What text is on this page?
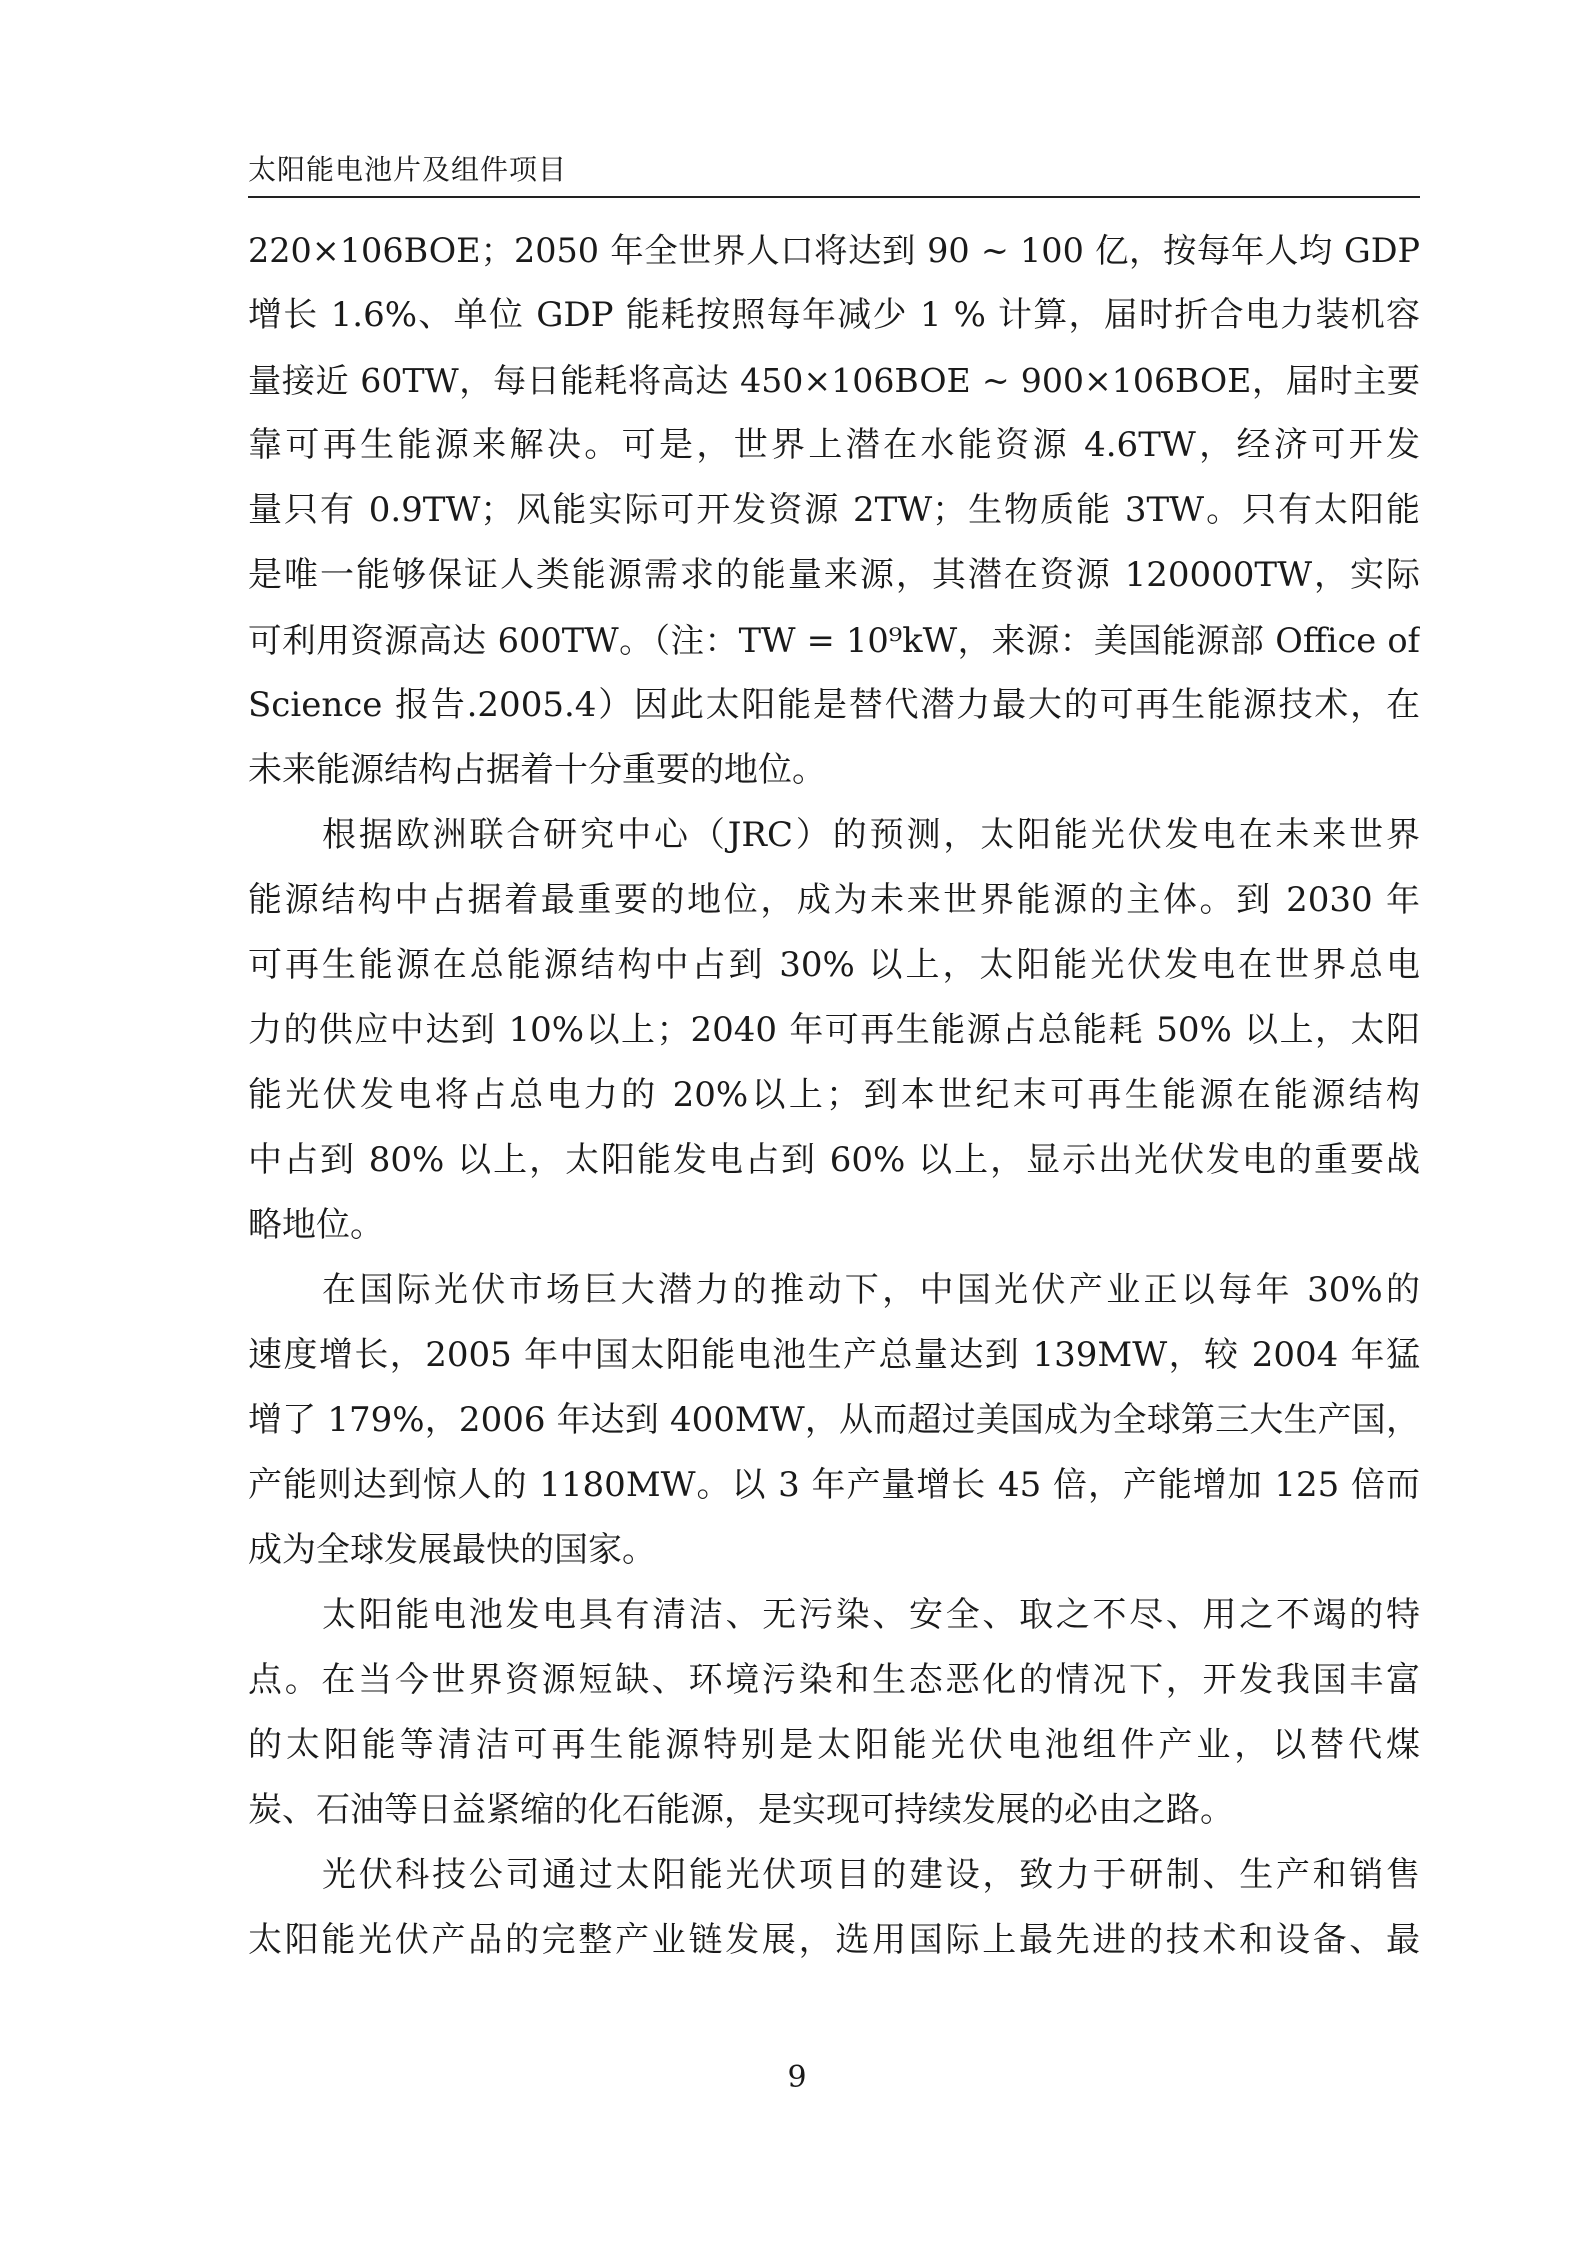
太阳能电池片及组件项目
220×106BOE；2050 年全世界人口将达到 90 ~ 100 亿，按每年人均 GDP
增长 1.6%、单位 GDP 能耗按照每年减少 1 % 计算，届时折合电力装机容
量接近 60TW，每日能耗将高达 450×106BOE ~ 900×106BOE，届时主要
靠可再生能源来解决。可是，世界上潜在水能资源 4.6TW，经济可开发
量只有 0.9TW；风能实际可开发资源 2TW；生物质能 3TW。只有太阳能
是唯一能够保证人类能源需求的能量来源，其潜在资源 120000TW，实际
可利用资源高达 600TW。（注：TW = 10⁹kW，来源：美国能源部 Office of
Science 报告.2005.4）因此太阳能是替代潜力最大的可再生能源技术，在
未来能源结构占据着十分重要的地位。
根据欧洲联合研究中心（JRC）的预测，太阳能光伏发电在未来世界
能源结构中占据着最重要的地位，成为未来世界能源的主体。到 2030 年
可再生能源在总能源结构中占到 30% 以上，太阳能光伏发电在世界总电
力的供应中达到 10%以上；2040 年可再生能源占总能耗 50% 以上，太阳
能光伏发电将占总电力的 20%以上；到本世纪末可再生能源在能源结构
中占到 80% 以上，太阳能发电占到 60% 以上，显示出光伏发电的重要战
略地位。
在国际光伏市场巨大潜力的推动下，中国光伏产业正以每年 30%的
速度增长，2005 年中国太阳能电池生产总量达到 139MW，较 2004 年猛
增了 179%，2006 年达到 400MW，从而超过美国成为全球第三大生产国，
产能则达到惊人的 1180MW。以 3 年产量增长 45 倍，产能增加 125 倍而
成为全球发展最快的国家。
太阳能电池发电具有清洁、无污染、安全、取之不尽、用之不竭的特
点。在当今世界资源短缺、环境污染和生态恶化的情况下，开发我国丰富
的太阳能等清洁可再生能源特别是太阳能光伏电池组件产业，以替代煤
炭、石油等日益紧缩的化石能源，是实现可持续发展的必由之路。
光伏科技公司通过太阳能光伏项目的建设，致力于研制、生产和销售
太阳能光伏产品的完整产业链发展，选用国际上最先进的技术和设备、最
9
